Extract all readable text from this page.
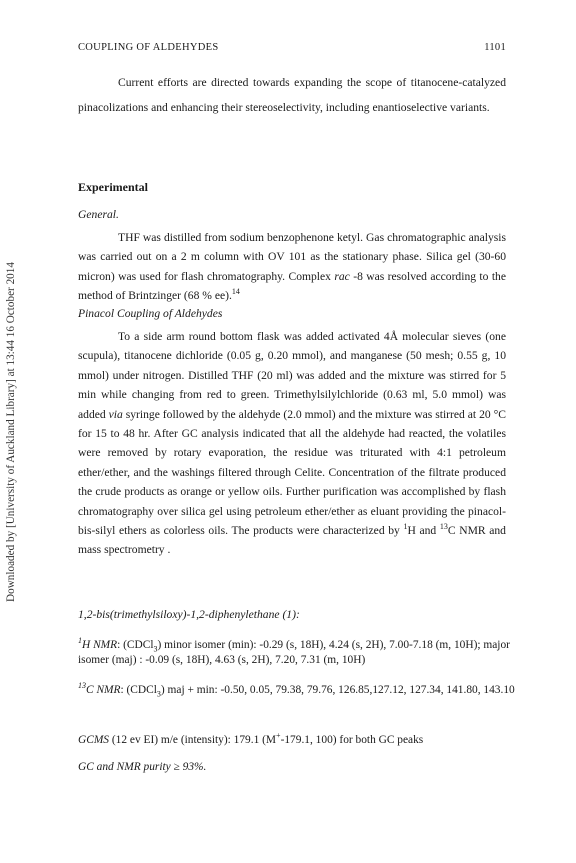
COUPLING OF ALDEHYDES	1101
Downloaded by [University of Auckland Library] at 13:44 16 October 2014

Current efforts are directed towards expanding the scope of titanocene-catalyzed pinacolizations and enhancing their stereoselectivity, including enantioselective variants.

Experimental
General.

THF was distilled from sodium benzophenone ketyl. Gas chromatographic analysis was carried out on a 2 m column with OV 101 as the stationary phase. Silica gel (30-60 micron) was used for flash chromatography. Complex rac -8 was resolved according to the method of Brintzinger (68 % ee).$^{14}$

Pinacol Coupling of Aldehydes

To a side arm round bottom flask was added activated 4Å molecular sieves (one scupula), titanocene dichloride (0.05 g, 0.20 mmol), and manganese (50 mesh; 0.55 g, 10 mmol) under nitrogen. Distilled THF (20 ml) was added and the mixture was stirred for 5 min while changing from red to green. Trimethylsilylchloride (0.63 ml, 5.0 mmol) was added via syringe followed by the aldehyde (2.0 mmol) and the mixture was stirred at 20 °C for 15 to 48 hr. After GC analysis indicated that all the aldehyde had reacted, the volatiles were removed by rotary evaporation, the residue was triturated with 4:1 petroleum ether/ether, and the washings filtered through Celite. Concentration of the filtrate produced the crude products as orange or yellow oils. Further purification was accomplished by flash chromatography over silica gel using petroleum ether/ether as eluant providing the pinacol-bis-silyl ethers as colorless oils. The products were characterized by $^1$H and $^{13}$C NMR and mass spectrometry .

1,2-bis(trimethylsiloxy)-1,2-diphenylethane (1):

$^1$H NMR: (CDCl$_3$) minor isomer (min): -0.29 (s, 18H), 4.24 (s, 2H), 7.00-7.18 (m, 10H); major isomer (maj) : -0.09 (s, 18H), 4.63 (s, 2H), 7.20, 7.31 (m, 10H)

$^{13}$C NMR: (CDCl$_3$) maj + min: -0.50, 0.05, 79.38, 79.76, 126.85,127.12, 127.34, 141.80, 143.10

GCMS (12 ev EI) m/e (intensity): 179.1 (M+-179.1, 100) for both GC peaks

GC and NMR purity ≥ 93%.
